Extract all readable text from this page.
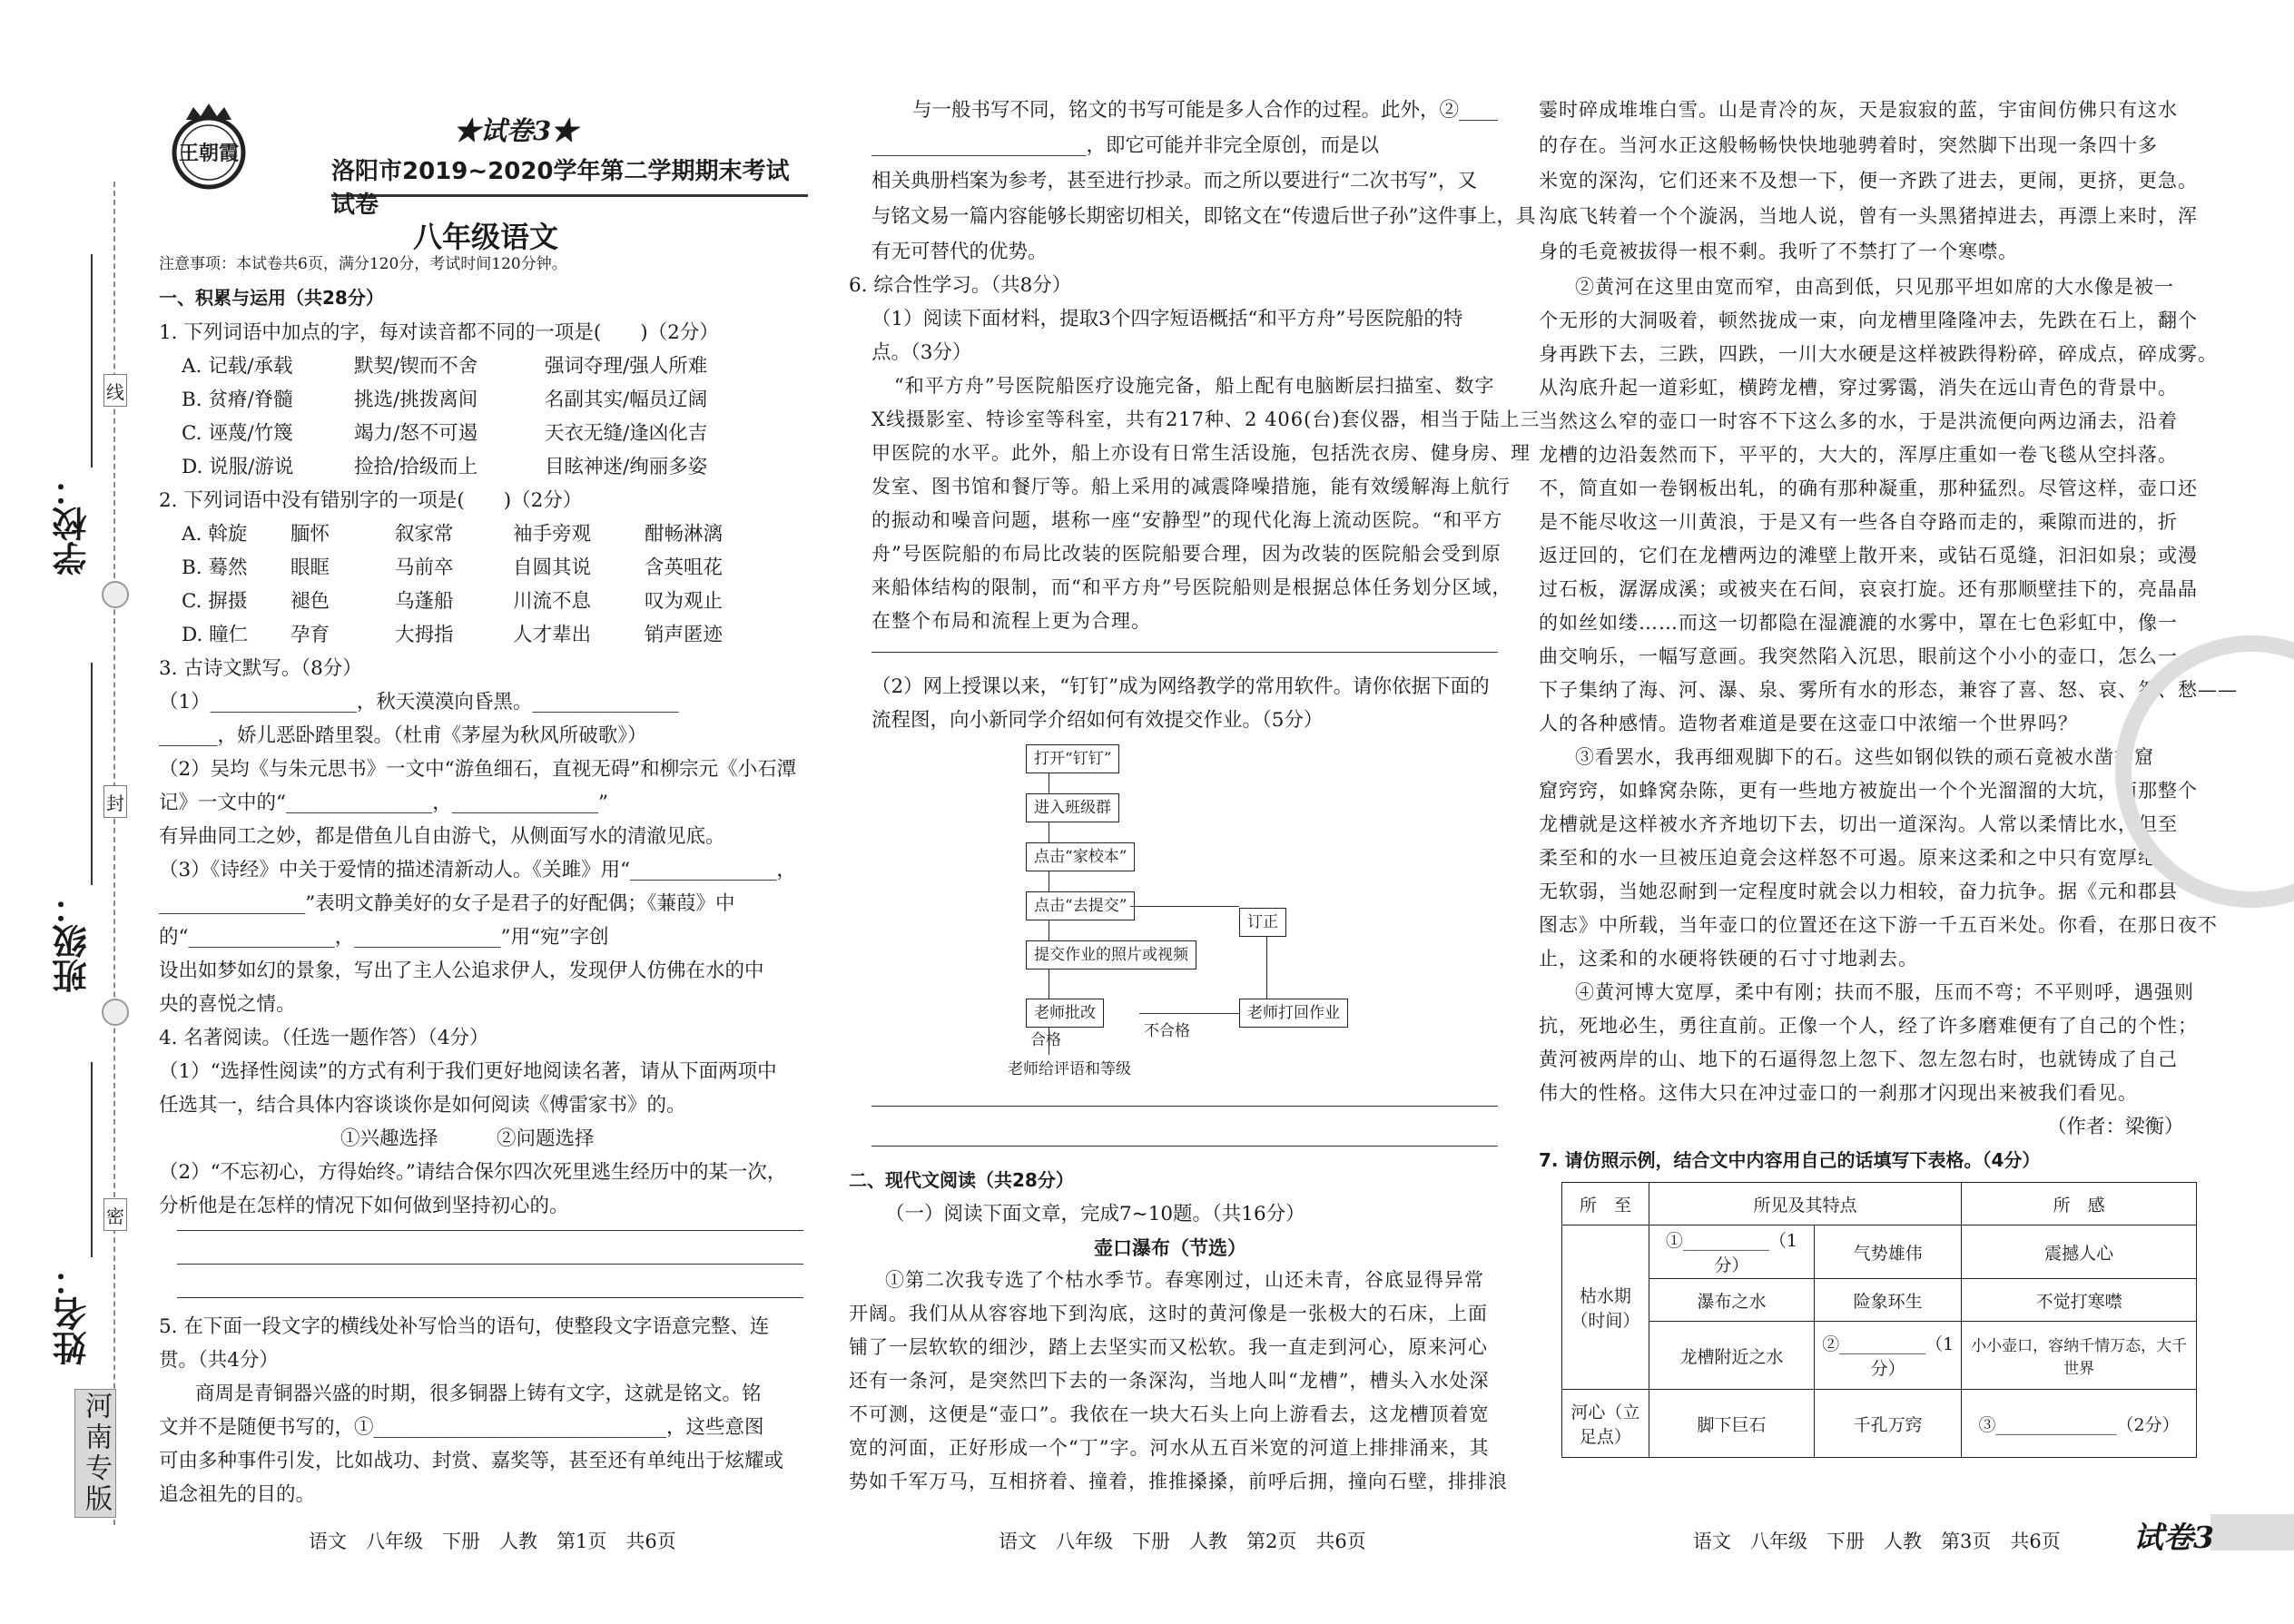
线
封
密
学校：
班级：
姓名：
河南专版
王朝霞
★试卷3★
洛阳市2019~2020学年第二学期期末考试试卷
八年级语文
注意事项：本试卷共6页，满分120分，考试时间120分钟。
一、积累与运用（共28分）
1. 下列词语中加点的字，每对读音都不同的一项是(　　)（2分）
A. 记载/承载	默契/锲而不舍	强词夺理/强人所难
B. 贫瘠/脊髓	挑选/挑拨离间	名副其实/幅员辽阔
C. 诬蔑/竹篾	竭力/怒不可遏	天衣无缝/逢凶化吉
D. 说服/游说	捡拾/拾级而上	目眩神迷/绚丽多姿
2. 下列词语中没有错别字的一项是(　　)（2分）
A. 斡旋 腼怀	叙家常	袖手旁观	酣畅淋漓
B. 蓦然 眼眶	马前卒	自圆其说	含英咀花
C. 摒摄 褪色	乌蓬船	川流不息	叹为观止
D. 瞳仁 孕育	大拇指	人才辈出	销声匿迹
3. 古诗文默写。（8分）
（1）_______________，秋天漠漠向昏黑。_______________
______，娇儿恶卧踏里裂。（杜甫《茅屋为秋风所破歌》）
（2）吴均《与朱元思书》一文中“游鱼细石，直视无碍”和柳宗元《小石潭
记》一文中的“_______________，_______________”
有异曲同工之妙，都是借鱼儿自由游弋，从侧面写水的清澈见底。
（3）《诗经》中关于爱情的描述清新动人。《关雎》用“_______________，
_______________”表明文静美好的女子是君子的好配偶；《蒹葭》中
的“_______________，_______________”用“宛”字创
设出如梦如幻的景象，写出了主人公追求伊人，发现伊人仿佛在水的中
央的喜悦之情。
4. 名著阅读。（任选一题作答）（4分）
（1）“选择性阅读”的方式有利于我们更好地阅读名著，请从下面两项中
任选其一，结合具体内容谈谈你是如何阅读《傅雷家书》的。
①兴趣选择　　　②问题选择
（2）“不忘初心，方得始终。”请结合保尔四次死里逃生经历中的某一次，
分析他是在怎样的情况下如何做到坚持初心的。
5. 在下面一段文字的横线处补写恰当的语句，使整段文字语意完整、连
贯。（共4分）
商周是青铜器兴盛的时期，很多铜器上铸有文字，这就是铭文。铭
文并不是随便书写的，①______________________________，这些意图
可由多种事件引发，比如战功、封赏、嘉奖等，甚至还有单纯出于炫耀或
追念祖先的目的。
语文　八年级　下册　人教　第1页　共6页
与一般书写不同，铭文的书写可能是多人合作的过程。此外，②____
______________________，即它可能并非完全原创，而是以
相关典册档案为参考，甚至进行抄录。而之所以要进行“二次书写”，又
与铭文易一篇内容能够长期密切相关，即铭文在“传遗后世子孙”这件事上，具
有无可替代的优势。
6. 综合性学习。（共8分）
（1）阅读下面材料，提取3个四字短语概括“和平方舟”号医院船的特
点。（3分）
“和平方舟”号医院船医疗设施完备，船上配有电脑断层扫描室、数字
X线摄影室、特诊室等科室，共有217种、2 406(台)套仪器，相当于陆上三
甲医院的水平。此外，船上亦设有日常生活设施，包括洗衣房、健身房、理
发室、图书馆和餐厅等。船上采用的减震降噪措施，能有效缓解海上航行
的振动和噪音问题，堪称一座“安静型”的现代化海上流动医院。“和平方
舟”号医院船的布局比改装的医院船要合理，因为改装的医院船会受到原
来船体结构的限制，而“和平方舟”号医院船则是根据总体任务划分区域，
在整个布局和流程上更为合理。
（2）网上授课以来，“钉钉”成为网络教学的常用软件。请你依据下面的
流程图，向小新同学介绍如何有效提交作业。（5分）
打开“钉钉”
进入班级群
点击“家校本”
点击“去提交”
提交作业的照片或视频
老师批改
订正
老师打回作业
不合格
合格
老师给评语和等级
二、现代文阅读（共28分）
（一）阅读下面文章，完成7~10题。（共16分）
壶口瀑布（节选）
①第二次我专选了个枯水季节。春寒刚过，山还未青，谷底显得异常
开阔。我们从从容容地下到沟底，这时的黄河像是一张极大的石床，上面
铺了一层软软的细沙，踏上去坚实而又松软。我一直走到河心，原来河心
还有一条河，是突然凹下去的一条深沟，当地人叫“龙槽”，槽头入水处深
不可测，这便是“壶口”。我依在一块大石头上向上游看去，这龙槽顶着宽
宽的河面，正好形成一个“丁”字。河水从五百米宽的河道上排排涌来，其
势如千军万马，互相挤着、撞着，推推搡搡，前呼后拥，撞向石壁，排排浪
语文　八年级　下册　人教　第2页　共6页
霎时碎成堆堆白雪。山是青冷的灰，天是寂寂的蓝，宇宙间仿佛只有这水
的存在。当河水正这般畅畅快快地驰骋着时，突然脚下出现一条四十多
米宽的深沟，它们还来不及想一下，便一齐跌了进去，更闹，更挤，更急。
沟底飞转着一个个漩涡，当地人说，曾有一头黑猪掉进去，再漂上来时，浑
身的毛竟被拔得一根不剩。我听了不禁打了一个寒噤。
②黄河在这里由宽而窄，由高到低，只见那平坦如席的大水像是被一
个无形的大洞吸着，顿然拢成一束，向龙槽里隆隆冲去，先跌在石上，翻个
身再跌下去，三跌，四跌，一川大水硬是这样被跌得粉碎，碎成点，碎成雾。
从沟底升起一道彩虹，横跨龙槽，穿过雾霭，消失在远山青色的背景中。
当然这么窄的壶口一时容不下这么多的水，于是洪流便向两边涌去，沿着
龙槽的边沿轰然而下，平平的，大大的，浑厚庄重如一卷飞毯从空抖落。
不，简直如一卷钢板出轧，的确有那种凝重，那种猛烈。尽管这样，壶口还
是不能尽收这一川黄浪，于是又有一些各自夺路而走的，乘隙而进的，折
返迂回的，它们在龙槽两边的滩壁上散开来，或钻石觅缝，汩汩如泉；或漫
过石板，潺潺成溪；或被夹在石间，哀哀打旋。还有那顺壁挂下的，亮晶晶
的如丝如缕……而这一切都隐在湿漉漉的水雾中，罩在七色彩虹中，像一
曲交响乐，一幅写意画。我突然陷入沉思，眼前这个小小的壶口，怎么一
下子集纳了海、河、瀑、泉、雾所有水的形态，兼容了喜、怒、哀、怨、愁——
人的各种感情。造物者难道是要在这壶口中浓缩一个世界吗？
③看罢水，我再细观脚下的石。这些如钢似铁的顽石竟被水凿得窟
窟窍窍，如蜂窝杂陈，更有一些地方被旋出一个个光溜溜的大坑，而那整个
龙槽就是这样被水齐齐地切下去，切出一道深沟。人常以柔情比水，但至
柔至和的水一旦被压迫竟会这样怒不可遏。原来这柔和之中只有宽厚绝
无软弱，当她忍耐到一定程度时就会以力相较，奋力抗争。据《元和郡县
图志》中所载，当年壶口的位置还在这下游一千五百米处。你看，在那日夜不
止，这柔和的水硬将铁硬的石寸寸地剥去。
④黄河博大宽厚，柔中有刚；扶而不服，压而不弯；不平则呼，遇强则
抗，死地必生，勇往直前。正像一个人，经了许多磨难便有了自己的个性；
黄河被两岸的山、地下的石逼得忽上忽下、忽左忽右时，也就铸成了自己
伟大的性格。这伟大只在冲过壶口的一刹那才闪现出来被我们看见。
（作者：梁衡）
7. 请仿照示例，结合文中内容用自己的话填写下表格。（4分）
所　至	所见及其特点		所　感
枯水期（时间）	①__________（1分）	气势雄伟	震撼人心
	瀑布之水	险象环生	不觉打寒噤
	龙槽附近之水	②__________（1分）	小小壶口，容纳千情万态，大千世界
河心（立足点）	脚下巨石	千孔万窍	③______________（2分）
语文　八年级　下册　人教　第3页　共6页 试卷3
